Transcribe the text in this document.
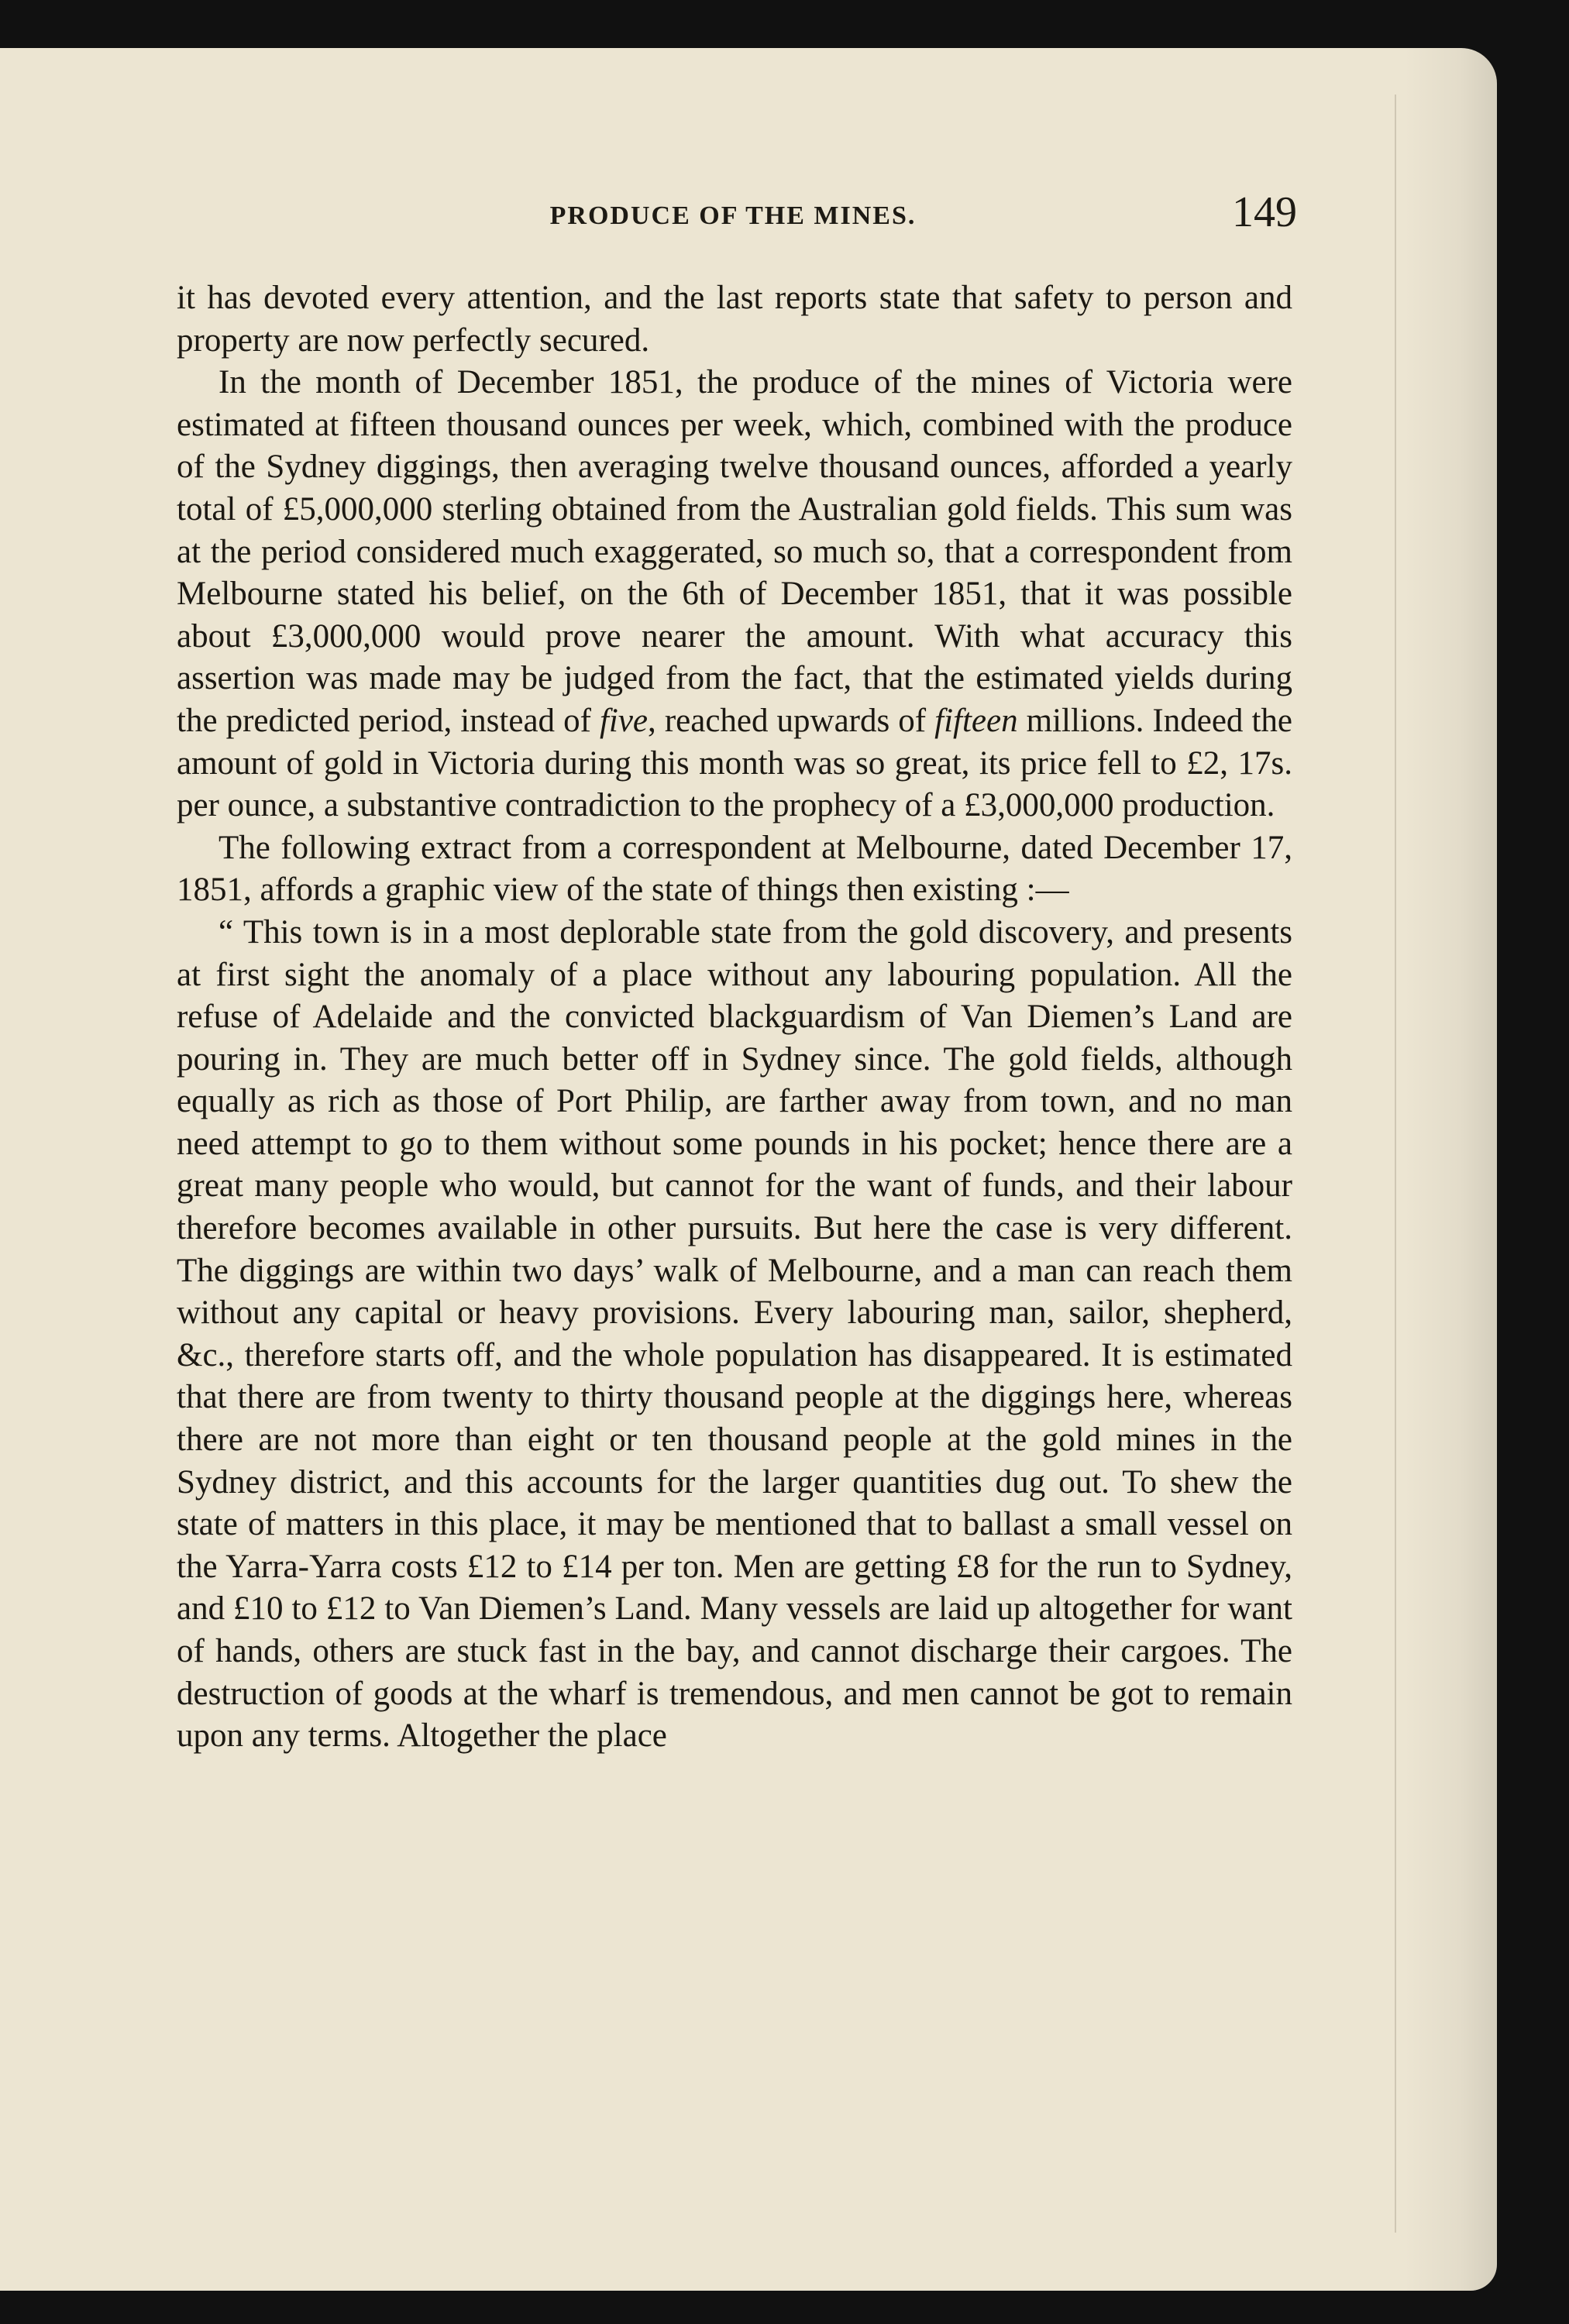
PRODUCE OF THE MINES.	149

it has devoted every attention, and the last reports state that safety to person and property are now perfectly secured.

In the month of December 1851, the produce of the mines of Victoria were estimated at fifteen thousand ounces per week, which, combined with the produce of the Sydney diggings, then averaging twelve thousand ounces, afforded a yearly total of £5,000,000 sterling obtained from the Australian gold fields. This sum was at the period considered much exaggerated, so much so, that a correspondent from Melbourne stated his belief, on the 6th of December 1851, that it was possible about £3,000,000 would prove nearer the amount. With what accuracy this assertion was made may be judged from the fact, that the estimated yields during the predicted period, instead of five, reached upwards of fifteen millions. Indeed the amount of gold in Victoria during this month was so great, its price fell to £2, 17s. per ounce, a substantive contradiction to the prophecy of a £3,000,000 production.

The following extract from a correspondent at Melbourne, dated December 17, 1851, affords a graphic view of the state of things then existing :—

“ This town is in a most deplorable state from the gold discovery, and presents at first sight the anomaly of a place without any labouring population. All the refuse of Adelaide and the convicted blackguardism of Van Diemen’s Land are pouring in. They are much better off in Sydney since. The gold fields, although equally as rich as those of Port Philip, are farther away from town, and no man need attempt to go to them without some pounds in his pocket; hence there are a great many people who would, but cannot for the want of funds, and their labour therefore becomes available in other pursuits. But here the case is very different. The diggings are within two days’ walk of Melbourne, and a man can reach them without any capital or heavy provisions. Every labouring man, sailor, shepherd, &c., therefore starts off, and the whole population has disappeared. It is estimated that there are from twenty to thirty thousand people at the diggings here, whereas there are not more than eight or ten thousand people at the gold mines in the Sydney district, and this accounts for the larger quantities dug out. To shew the state of matters in this place, it may be mentioned that to ballast a small vessel on the Yarra-Yarra costs £12 to £14 per ton. Men are getting £8 for the run to Sydney, and £10 to £12 to Van Diemen’s Land. Many vessels are laid up altogether for want of hands, others are stuck fast in the bay, and cannot discharge their cargoes. The destruction of goods at the wharf is tremendous, and men cannot be got to remain upon any terms. Altogether the place
